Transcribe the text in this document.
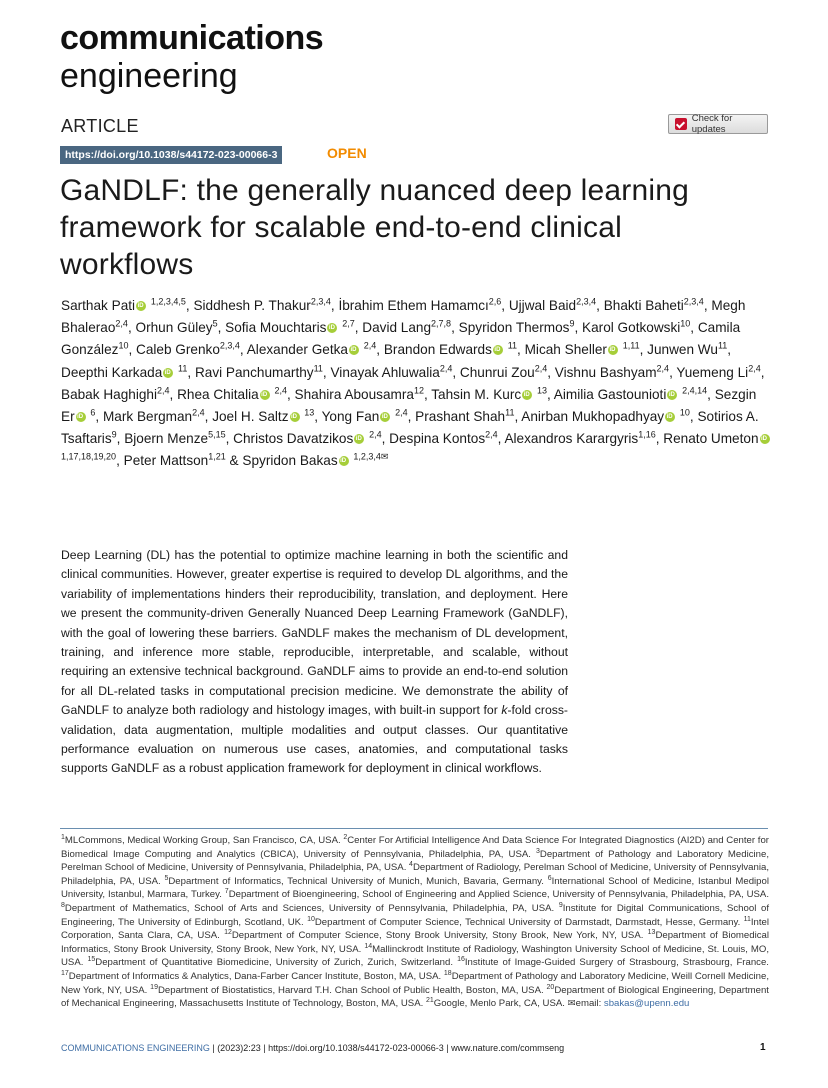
communications
engineering
ARTICLE	Check for updates
https://doi.org/10.1038/s44172-023-00066-3	OPEN
GaNDLF: the generally nuanced deep learning framework for scalable end-to-end clinical workflows
Sarthak Pati iD $^{1,2,3,4,5}$, Siddhesh P. Thakur$^{2,3,4}$, İbrahim Ethem Hamamcı$^{2,6}$, Ujjwal Baid$^{2,3,4}$, Bhakti Baheti$^{2,3,4}$, Megh Bhalerao$^{2,4}$, Orhun Güley$^5$, Sofia Mouchtaris iD $^{2,7}$, David Lang$^{2,7,8}$, Spyridon Thermos$^9$, Karol Gotkowski$^{10}$, Camila González$^{10}$, Caleb Grenko$^{2,3,4}$, Alexander Getka iD $^{2,4}$, Brandon Edwards iD $^{11}$, Micah Sheller iD $^{1,11}$, Junwen Wu$^{11}$, Deepthi Karkada iD $^{11}$, Ravi Panchumarthy$^{11}$, Vinayak Ahluwalia$^{2,4}$, Chunrui Zou$^{2,4}$, Vishnu Bashyam$^{2,4}$, Yuemeng Li$^{2,4}$, Babak Haghighi$^{2,4}$, Rhea Chitalia iD $^{2,4}$, Shahira Abousamra$^{12}$, Tahsin M. Kurc iD $^{13}$, Aimilia Gastounioti iD $^{2,4,14}$, Sezgin Er iD $^6$, Mark Bergman$^{2,4}$, Joel H. Saltz iD $^{13}$, Yong Fan iD $^{2,4}$, Prashant Shah$^{11}$, Anirban Mukhopadhyay iD $^{10}$, Sotirios A. Tsaftaris$^9$, Bjoern Menze$^{5,15}$, Christos Davatzikos iD $^{2,4}$, Despina Kontos$^{2,4}$, Alexandros Karargyris$^{1,16}$, Renato UmetoniD $^{1,17,18,19,20}$, Peter Mattson$^{1,21}$ & Spyridon Bakas iD $^{1,2,3,4✉}$
Deep Learning (DL) has the potential to optimize machine learning in both the scientific and clinical communities. However, greater expertise is required to develop DL algorithms, and the variability of implementations hinders their reproducibility, translation, and deployment. Here we present the community-driven Generally Nuanced Deep Learning Framework (GaNDLF), with the goal of lowering these barriers. GaNDLF makes the mechanism of DL development, training, and inference more stable, reproducible, interpretable, and scalable, without requiring an extensive technical background. GaNDLF aims to provide an end-to-end solution for all DL-related tasks in computational precision medicine. We demonstrate the ability of GaNDLF to analyze both radiology and histology images, with built-in support for k-fold cross-validation, data augmentation, multiple modalities and output classes. Our quantitative performance evaluation on numerous use cases, anatomies, and computational tasks supports GaNDLF as a robust application framework for deployment in clinical workflows.
$^1$MLCommons, Medical Working Group, San Francisco, CA, USA. $^2$Center For Artificial Intelligence And Data Science For Integrated Diagnostics (AI2D) and Center for Biomedical Image Computing and Analytics (CBICA), University of Pennsylvania, Philadelphia, PA, USA. $^3$Department of Pathology and Laboratory Medicine, Perelman School of Medicine, University of Pennsylvania, Philadelphia, PA, USA. $^4$Department of Radiology, Perelman School of Medicine, University of Pennsylvania, Philadelphia, PA, USA. $^5$Department of Informatics, Technical University of Munich, Munich, Bavaria, Germany. $^6$International School of Medicine, Istanbul Medipol University, Istanbul, Marmara, Turkey. $^7$Department of Bioengineering, School of Engineering and Applied Science, University of Pennsylvania, Philadelphia, PA, USA. $^8$Department of Mathematics, School of Arts and Sciences, University of Pennsylvania, Philadelphia, PA, USA. $^9$Institute for Digital Communications, School of Engineering, The University of Edinburgh, Scotland, UK. $^{10}$Department of Computer Science, Technical University of Darmstadt, Darmstadt, Hesse, Germany. $^{11}$Intel Corporation, Santa Clara, CA, USA. $^{12}$Department of Computer Science, Stony Brook University, Stony Brook, New York, NY, USA. $^{13}$Department of Biomedical Informatics, Stony Brook University, Stony Brook, New York, NY, USA. $^{14}$Mallinckrodt Institute of Radiology, Washington University School of Medicine, St. Louis, MO, USA. $^{15}$Department of Quantitative Biomedicine, University of Zurich, Zurich, Switzerland. $^{16}$Institute of Image-Guided Surgery of Strasbourg, Strasbourg, France. $^{17}$Department of Informatics & Analytics, Dana-Farber Cancer Institute, Boston, MA, USA. $^{18}$Department of Pathology and Laboratory Medicine, Weill Cornell Medicine, New York, NY, USA. $^{19}$Department of Biostatistics, Harvard T.H. Chan School of Public Health, Boston, MA, USA. $^{20}$Department of Biological Engineering, Department of Mechanical Engineering, Massachusetts Institute of Technology, Boston, MA, USA. $^{21}$Google, Menlo Park, CA, USA. ✉email: sbakas@upenn.edu
COMMUNICATIONS ENGINEERING | (2023)2:23 | https://doi.org/10.1038/s44172-023-00066-3 | www.nature.com/commseng	1
